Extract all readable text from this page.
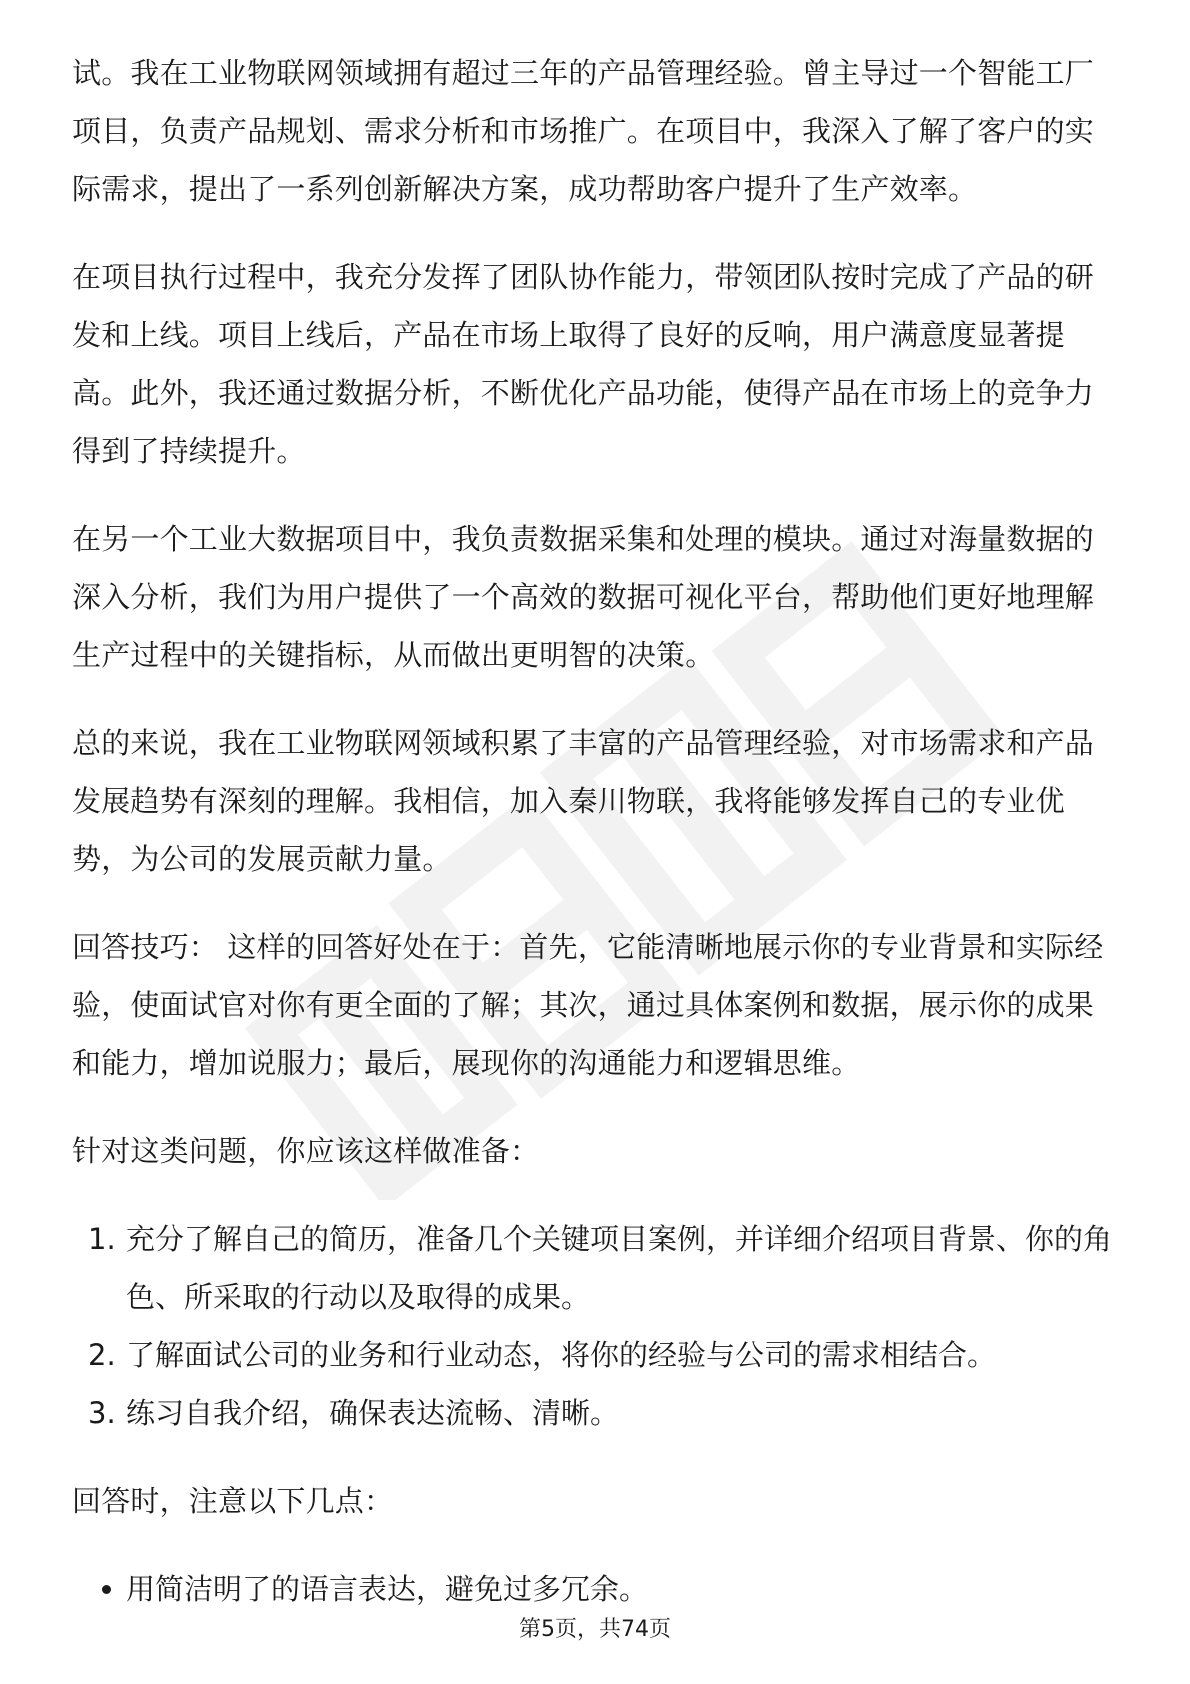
试。我在工业物联网领域拥有超过三年的产品管理经验。曾主导过一个智能工厂项目，负责产品规划、需求分析和市场推广。在项目中，我深入了解了客户的实际需求，提出了一系列创新解决方案，成功帮助客户提升了生产效率。

在项目执行过程中，我充分发挥了团队协作能力，带领团队按时完成了产品的研发和上线。项目上线后，产品在市场上取得了良好的反响，用户满意度显著提高。此外，我还通过数据分析，不断优化产品功能，使得产品在市场上的竞争力得到了持续提升。

在另一个工业大数据项目中，我负责数据采集和处理的模块。通过对海量数据的深入分析，我们为用户提供了一个高效的数据可视化平台，帮助他们更好地理解生产过程中的关键指标，从而做出更明智的决策。

总的来说，我在工业物联网领域积累了丰富的产品管理经验，对市场需求和产品发展趋势有深刻的理解。我相信，加入秦川物联，我将能够发挥自己的专业优势，为公司的发展贡献力量。

回答技巧： 这样的回答好处在于：首先，它能清晰地展示你的专业背景和实际经验，使面试官对你有更全面的了解；其次，通过具体案例和数据，展示你的成果和能力，增加说服力；最后，展现你的沟通能力和逻辑思维。

针对这类问题，你应该这样做准备：

1. 充分了解自己的简历，准备几个关键项目案例，并详细介绍项目背景、你的角色、所采取的行动以及取得的成果。
2. 了解面试公司的业务和行业动态，将你的经验与公司的需求相结合。
3. 练习自我介绍，确保表达流畅、清晰。

回答时，注意以下几点：

用简洁明了的语言表达，避免过多冗余。
第5页，共74页
